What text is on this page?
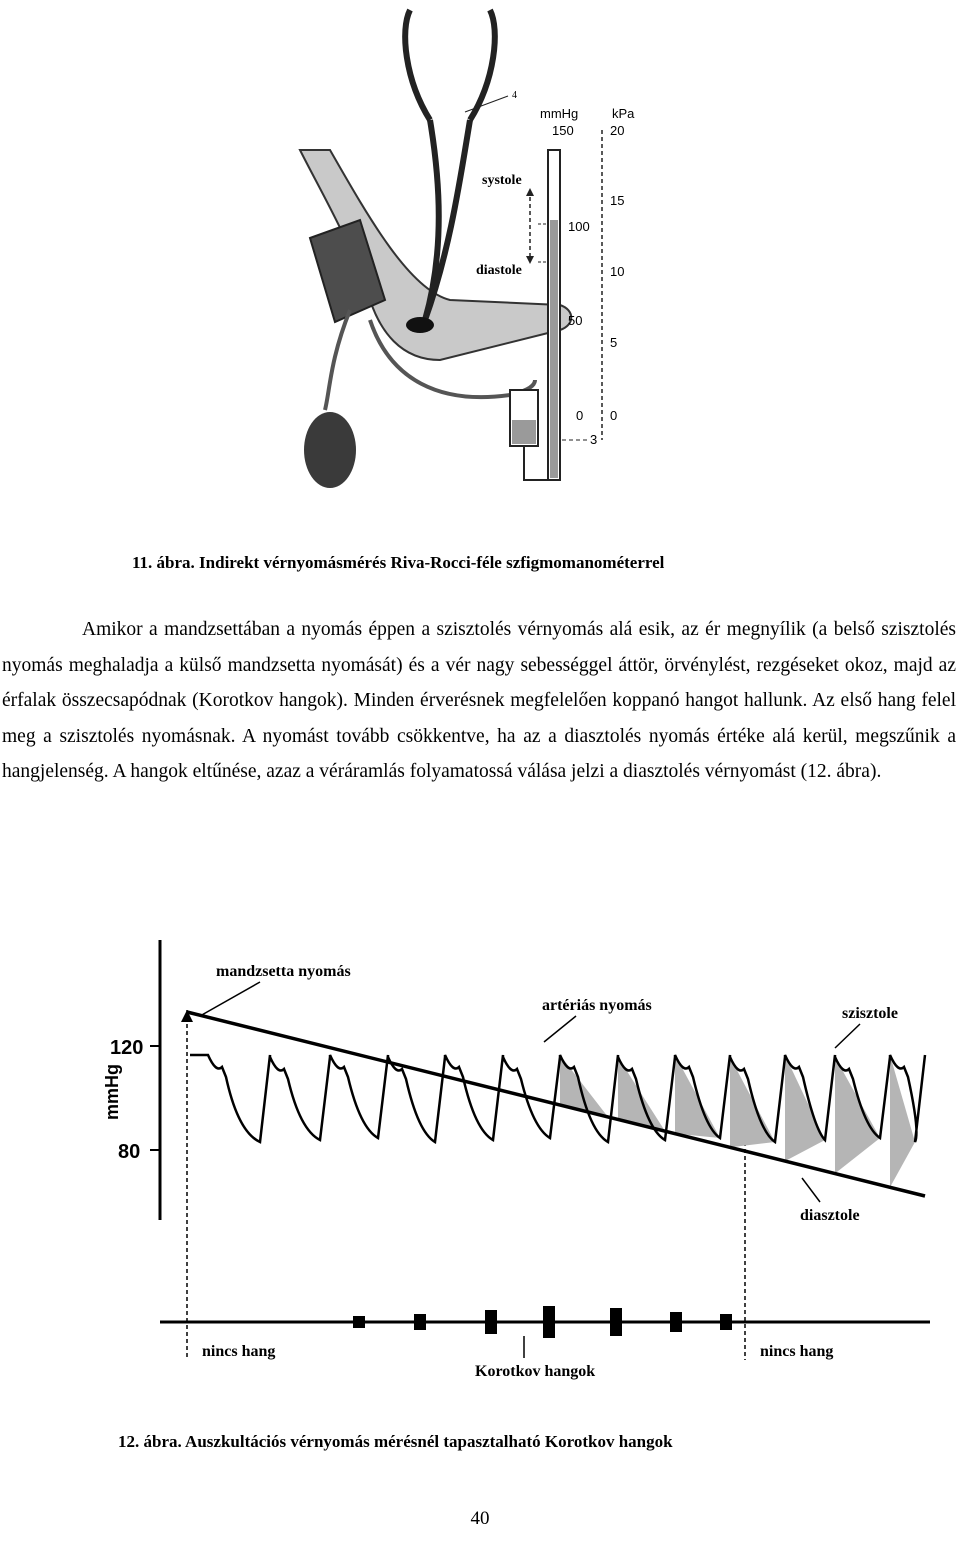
systole
diastole
4
mmHg	kPa
150
100
50
0
20
15
10
5
0
3
11. ábra. Indirekt vérnyomásmérés Riva-Rocci-féle szfigmomanométerrel

Amikor a mandzsettában a nyomás éppen a szisztolés vérnyomás alá esik, az ér megnyílik (a belső szisztolés nyomás meghaladja a külső mandzsetta nyomását) és a vér nagy sebességgel áttör, örvénylést, rezgéseket okoz, majd az érfalak összecsapódnak (Korotkov hangok). Minden érverésnek megfelelően koppanó hangot hallunk. Az első hang felel meg a szisztolés nyomásnak. A nyomást tovább csökkentve, ha az a diasztolés nyomás értéke alá kerül, megszűnik a hangjelenség. A hangok eltűnése, azaz a véráramlás folyamatossá válása jelzi a diasztolés vérnyomást (12. ábra).

120
80
mmHg
mandzsetta nyomás
artériás nyomás	szisztole
diasztole
nincs hang
Korotkov hangok
nincs hang
12. ábra. Auszkultációs vérnyomás mérésnél tapasztalható Korotkov hangok
40
